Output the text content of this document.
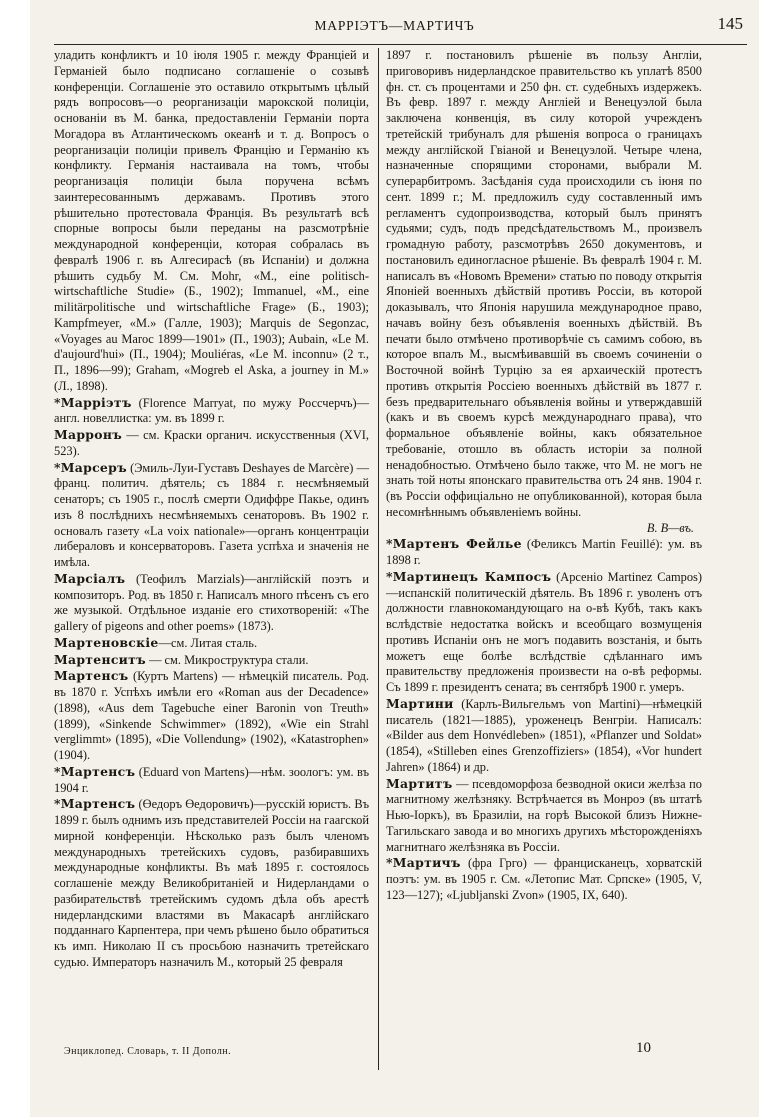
МАРРІЭТЪ—МАРТИЧЪ	145

уладить конфликтъ и 10 іюля 1905 г. между Франціей и Германіей было подписано соглашеніе о созывѣ конференціи. Соглашеніе это оставило открытымъ цѣлый рядъ вопросовъ—о реорганизаціи марокской полиціи, основаніи въ М. банка, предоставленіи Германіи порта Могадора въ Атлантическомъ океанѣ и т. д. Вопросъ о реорганизаціи полиціи привелъ Францію и Германію къ конфликту. Германія настаивала на томъ, чтобы реорганизація полиціи была поручена всѣмъ заинтересованнымъ державамъ. Противъ этого рѣшительно протестовала Франція. Въ результатѣ всѣ спорные вопросы были переданы на разсмотрѣніе международной конференціи, которая собралась въ февралѣ 1906 г. въ Алгесирасѣ (въ Испаніи) и должна рѣшить судьбу М. См. Mohr, «M., eine politisch-wirtschaftliche Studie» (Б., 1902); Immanuel, «M., eine militärpolitische und wirtschaftliche Frage» (Б., 1903); Kampfmeyer, «M.» (Галле, 1903); Marquis de Segonzac, «Voyages au Maroc 1899—1901» (П., 1903); Aubain, «Le M. d'aujourd'hui» (П., 1904); Mouliéras, «Le M. inconnu» (2 т., П., 1896—99); Graham, «Mogreb el Aska, a journey in M.» (Л., 1898).

*Маррiэтъ (Florence Marryat, по мужу Россчерчъ)—англ. новеллистка: ум. въ 1899 г.

Марронъ — см. Краски органич. искусственныя (XVI, 523).

*Марсеръ (Эмиль-Луи-Густавъ Deshayes de Marcère) — франц. политич. дѣятель; съ 1884 г. несмѣняемый сенаторъ; съ 1905 г., послѣ смерти Одиффре Пакье, одинъ изъ 8 послѣднихъ несмѣняемыхъ сенаторовъ. Въ 1902 г. основалъ газету «La voix nationale»—органъ концентраціи либераловъ и консерваторовъ. Газета успѣха и значенія не имѣла.

Марсiалъ (Теофилъ Marzials)—англійскій поэтъ и композиторъ. Род. въ 1850 г. Написалъ много пѣсенъ съ его же музыкой. Отдѣльное изданіе его стихотвореній: «The gallery of pigeons and other poems» (1873).

Мартеновскiе—см. Литая сталь.

Мартенситъ — см. Микроструктура стали.

Мартенсъ (Куртъ Martens) — нѣмецкій писатель. Род. въ 1870 г. Успѣхъ имѣли его «Roman aus der Decadence» (1898), «Aus dem Tagebuche einer Baronin von Treuth» (1899), «Sinkende Schwimmer» (1892), «Wie ein Strahl verglimmt» (1895), «Die Vollendung» (1902), «Katastrophen» (1904).

*Мартенсъ (Eduard von Martens)—нѣм. зоологъ: ум. въ 1904 г.

*Мартенсъ (Өедоръ Өедоровичъ)—русскій юристъ. Въ 1899 г. былъ однимъ изъ представителей Россіи на гаагской мирной конференціи. Нѣсколько разъ былъ членомъ международныхъ третейскихъ судовъ, разбиравшихъ международные конфликты. Въ маѣ 1895 г. состоялось соглашеніе между Великобританіей и Нидерландами о разбирательствѣ третейскимъ судомъ дѣла объ арестѣ нидерландскими властями въ Макасарѣ англійскаго подданнаго Карпентера, при чемъ рѣшено было обратиться къ имп. Николаю II съ просьбою назначить третейскаго судью. Императоръ назначилъ М., который 25 февраля

1897 г. постановилъ рѣшеніе въ пользу Англіи, приговоривъ нидерландское правительство къ уплатѣ 8500 фн. ст. съ процентами и 250 фн. ст. судебныхъ издержекъ. Въ февр. 1897 г. между Англіей и Венецуэлой была заключена конвенція, въ силу которой учрежденъ третейскій трибуналъ для рѣшенія вопроса о границахъ между англійской Гвіаной и Венецуэлой. Четыре члена, назначенные спорящими сторонами, выбрали М. суперарбитромъ. Засѣданія суда происходили съ іюня по сент. 1899 г.; М. предложилъ суду составленный имъ регламентъ судопроизводства, который былъ принятъ судьями; судъ, подъ предсѣдательствомъ М., произвелъ громадную работу, разсмотрѣвъ 2650 документовъ, и постановилъ единогласное рѣшеніе. Въ февралѣ 1904 г. М. написалъ въ «Новомъ Времени» статью по поводу открытія Японіей военныхъ дѣйствій противъ Россіи, въ которой доказывалъ, что Японія нарушила международное право, начавъ войну безъ объявленія военныхъ дѣйствій. Въ печати было отмѣчено противорѣчіе съ самимъ собою, въ которое впалъ М., высмѣивавшій въ своемъ сочиненіи о Восточной войнѣ Турцію за ея архаическій протестъ противъ открытія Россіею военныхъ дѣйствій въ 1877 г. безъ предварительнаго объявленія войны и утверждавшій (какъ и въ своемъ курсѣ международнаго права), что формальное объявленіе войны, какъ обязательное требованіе, отошло въ область исторіи за полной ненадобностью. Отмѣчено было также, что М. не могъ не знать той ноты японскаго правительства отъ 24 янв. 1904 г. (въ Россіи оффиціально не опубликованной), которая была несомнѣннымъ объявленіемъ войны.

В. В—въ.

*Мартенъ Фейльe (Феликсъ Martin Feuillé): ум. въ 1898 г.

*Мартинецъ Кампосъ (Арсеніо Martinez Campos)—испанскій политическій дѣятель. Въ 1896 г. уволенъ отъ должности главнокомандующаго на о-вѣ Кубѣ, такъ какъ вслѣдствіе недостатка войскъ и всеобщаго возмущенія противъ Испаніи онъ не могъ подавить возстанія, и быть можетъ еще болѣе вслѣдствіе сдѣланнаго имъ правительству предложенія произвести на о-вѣ реформы. Съ 1899 г. президентъ сената; въ сентябрѣ 1900 г. умеръ.

Мартини (Карлъ-Вильгельмъ von Martini)—нѣмецкій писатель (1821—1885), уроженецъ Венгріи. Написалъ: «Bilder aus dem Honvédleben» (1851), «Pflanzer und Soldat» (1854), «Stilleben eines Grenzoffiziers» (1854), «Vor hundert Jahren» (1864) и др.

Мартитъ — псевдоморфоза безводной окиси желѣза по магнитному желѣзняку. Встрѣчается въ Монроэ (въ штатѣ Нью-Іоркъ), въ Бразиліи, на горѣ Высокой близъ Нижне-Тагильскаго завода и во многихъ другихъ мѣсторожденіяхъ магнитнаго желѣзняка въ Россіи.

*Мартичъ (фра Грго) — францисканецъ, хорватскій поэтъ: ум. въ 1905 г. См. «Летопис Мат. Српске» (1905, V, 123—127); «Ljubljanski Zvon» (1905, IX, 640).

Энциклопед. Словарь, т. II Дополн.	10
